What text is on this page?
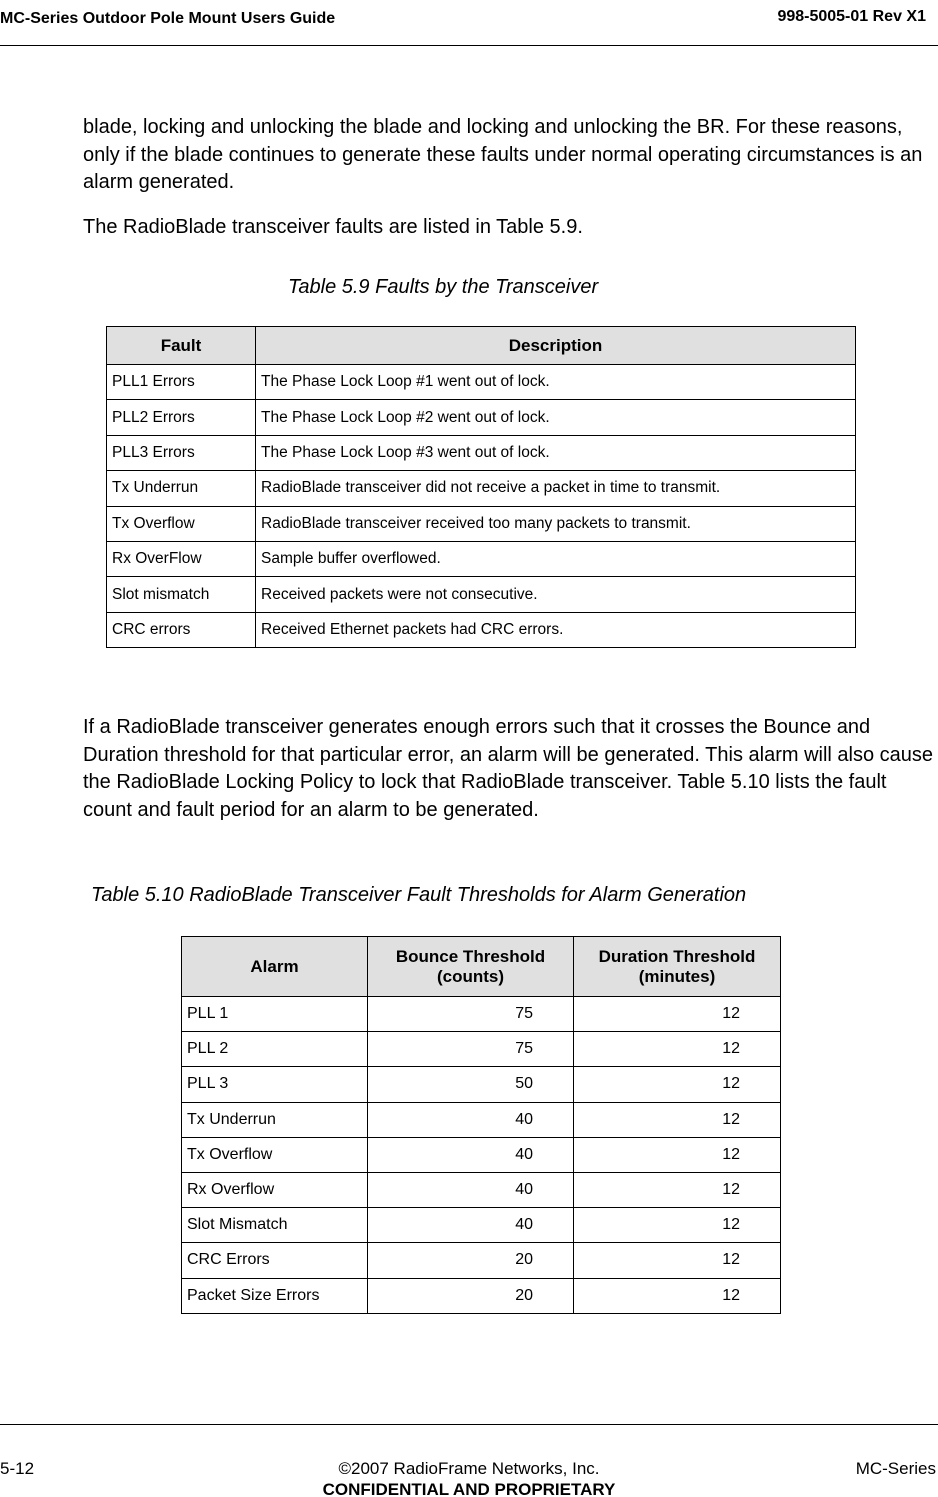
MC-Series Outdoor Pole Mount Users Guide	998-5005-01 Rev X1
blade, locking and unlocking the blade and locking and unlocking the BR. For these reasons, only if the blade continues to generate these faults under normal operating circumstances is an alarm generated.
The RadioBlade transceiver faults are listed in Table 5.9.
Table 5.9 Faults by the Transceiver
Fault	Description
PLL1 Errors	The Phase Lock Loop #1 went out of lock.
PLL2 Errors	The Phase Lock Loop #2 went out of lock.
PLL3 Errors	The Phase Lock Loop #3 went out of lock.
Tx Underrun	RadioBlade transceiver did not receive a packet in time to transmit.
Tx Overflow	RadioBlade transceiver received too many packets to transmit.
Rx OverFlow	Sample buffer overflowed.
Slot mismatch	Received packets were not consecutive.
CRC errors	Received Ethernet packets had CRC errors.
If a RadioBlade transceiver generates enough errors such that it crosses the Bounce and Duration threshold for that particular error, an alarm will be generated. This alarm will also cause the RadioBlade Locking Policy to lock that RadioBlade transceiver. Table 5.10 lists the fault count and fault period for an alarm to be generated.
Table 5.10 RadioBlade Transceiver Fault Thresholds for Alarm Generation
Alarm	Bounce Threshold (counts)	Duration Threshold (minutes)
PLL 1	75	12
PLL 2	75	12
PLL 3	50	12
Tx Underrun	40	12
Tx Overflow	40	12
Rx Overflow	40	12
Slot Mismatch	40	12
CRC Errors	20	12
Packet Size Errors	20	12
5-12	©2007 RadioFrame Networks, Inc.
CONFIDENTIAL AND PROPRIETARY
MC-Series
